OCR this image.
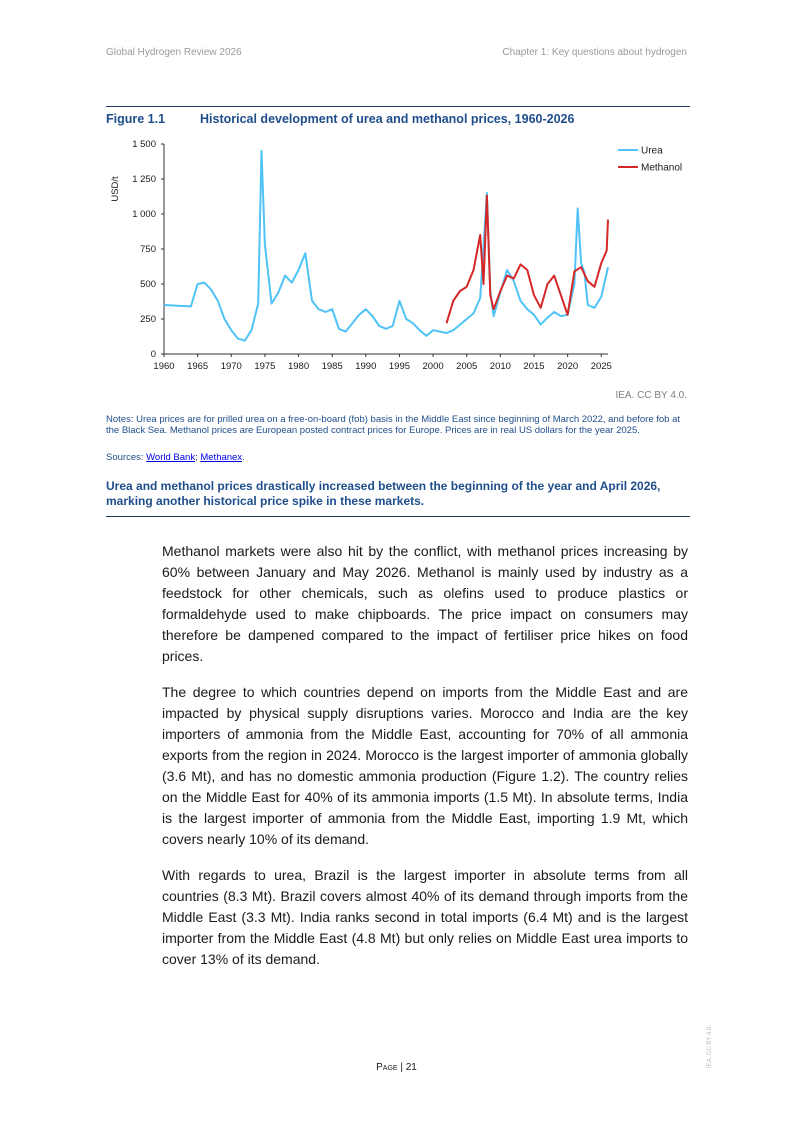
Global Hydrogen Review 2026	Chapter 1: Key questions about hydrogen
Figure 1.1	Historical development of urea and methanol prices, 1960-2026
0
250
500
750
1 000
1 250
1 500
1960 1965 1970 1975 1980 1985 1990 1995 2000 2005 2010 2015 2020 2025
USD/t
Urea
Methanol
IEA. CC BY 4.0.
Notes: Urea prices are for prilled urea on a free-on-board (fob) basis in the Middle East since beginning of March 2022, and before fob at the Black Sea. Methanol prices are European posted contract prices for Europe. Prices are in real US dollars for the year 2025.
Sources: World Bank; Methanex.
Urea and methanol prices drastically increased between the beginning of the year and April 2026, marking another historical price spike in these markets.

Methanol markets were also hit by the conflict, with methanol prices increasing by 60% between January and May 2026. Methanol is mainly used by industry as a feedstock for other chemicals, such as olefins used to produce plastics or formaldehyde used to make chipboards. The price impact on consumers may therefore be dampened compared to the impact of fertiliser price hikes on food prices.

The degree to which countries depend on imports from the Middle East and are impacted by physical supply disruptions varies. Morocco and India are the key importers of ammonia from the Middle East, accounting for 70% of all ammonia exports from the region in 2024. Morocco is the largest importer of ammonia globally (3.6 Mt), and has no domestic ammonia production (Figure 1.2). The country relies on the Middle East for 40% of its ammonia imports (1.5 Mt). In absolute terms, India is the largest importer of ammonia from the Middle East, importing 1.9 Mt, which covers nearly 10% of its demand.

With regards to urea, Brazil is the largest importer in absolute terms from all countries (8.3 Mt). Brazil covers almost 40% of its demand through imports from the Middle East (3.3 Mt). India ranks second in total imports (6.4 Mt) and is the largest importer from the Middle East (4.8 Mt) but only relies on Middle East urea imports to cover 13% of its demand.

Page | 21	IEA. CC BY 4.0.
